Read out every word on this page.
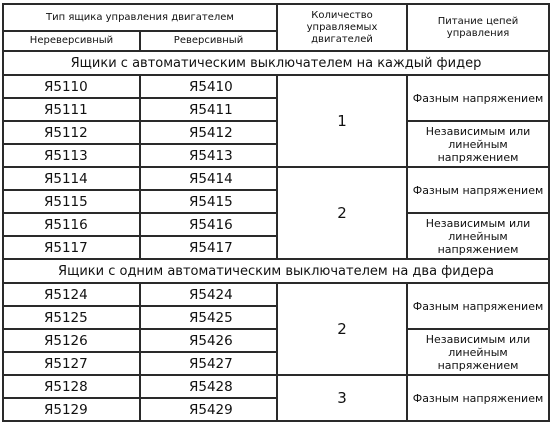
Тип ящика управления двигателем		Количество управляемых двигателей	Питание цепей управления
Нереверсивный	Реверсивный		
Ящики с автоматическим выключателем на каждый фидер			
Я5110	Я5410	1	Фазным напряжением
Я5111	Я5411		
Я5112	Я5412		Независимым или линейным напряжением
Я5113	Я5413		
Я5114	Я5414	2	Фазным напряжением
Я5115	Я5415		
Я5116	Я5416		Независимым или линейным напряжением
Я5117	Я5417		
Ящики с одним автоматическим выключателем на два фидера			
Я5124	Я5424	2	Фазным напряжением
Я5125	Я5425		
Я5126	Я5426		Независимым или линейным напряжением
Я5127	Я5427		
Я5128	Я5428	3	Фазным напряжением
Я5129	Я5429		
